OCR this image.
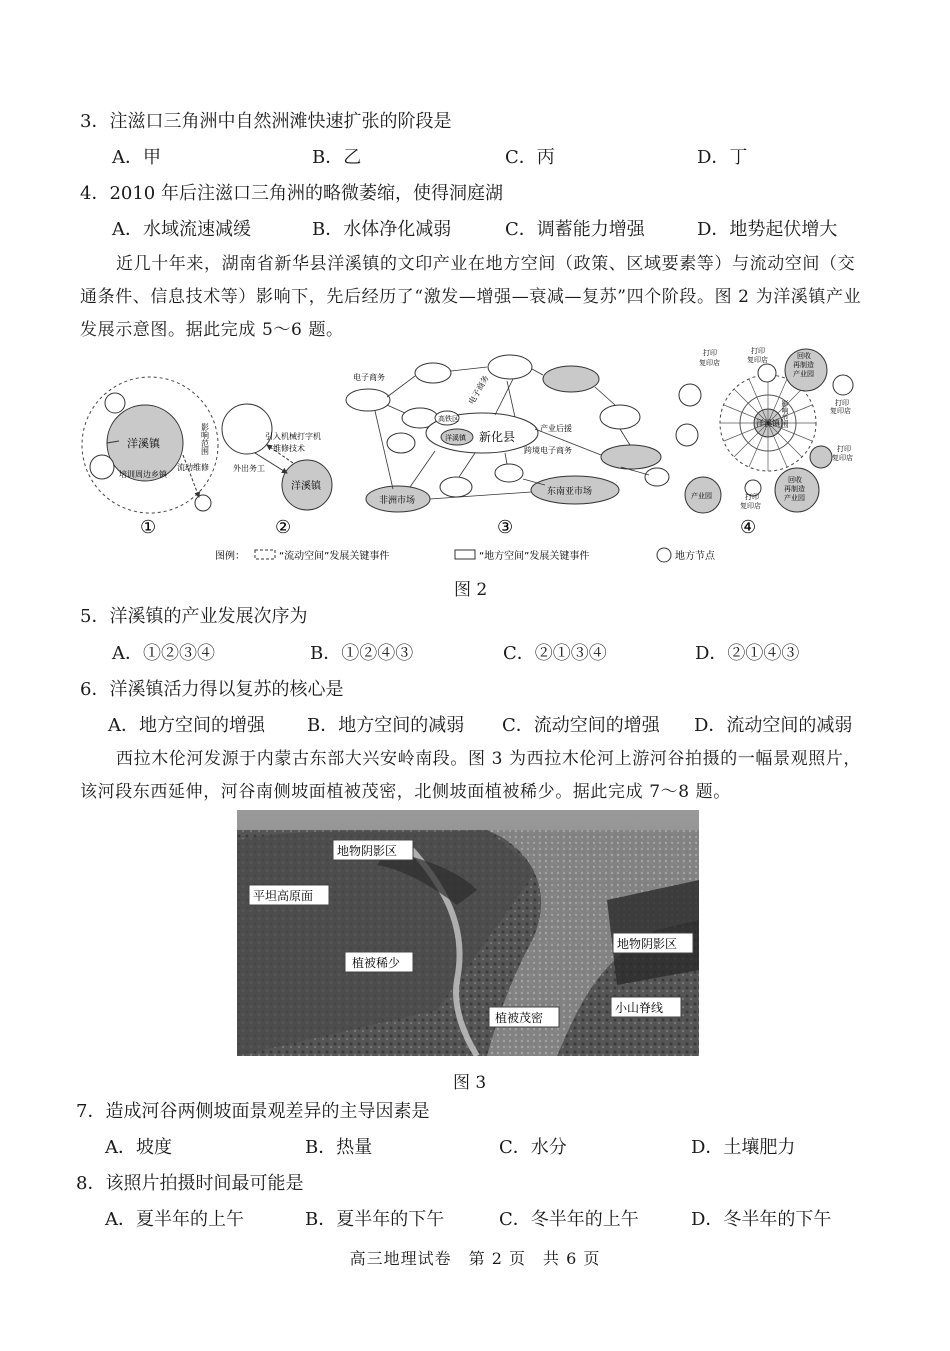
3．注滋口三角洲中自然洲滩快速扩张的阶段是
A．甲	B．乙	C．丙	D．丁
4．2010 年后注滋口三角洲的略微萎缩，使得洞庭湖
A．水域流速减缓	B．水体净化减弱	C．调蓄能力增强	D．地势起伏增大
近几十年来，湖南省新华县洋溪镇的文印产业在地方空间（政策、区域要素等）与流动空间（交通条件、信息技术等）影响下，先后经历了“激发—增强—衰减—复苏”四个阶段。图 2 为洋溪镇产业发展示意图。据此完成 5～6 题。
洋溪镇	影响范围
流动维修
培训周边乡镇
①
洋溪镇
引入机械打字机
维修技术
外出务工
②
电子商务	电子商务
高铁区
洋溪镇 新化县
产业后援
跨境电子商务
非洲市场
东南亚市场
③
打印
复印店
打印
复印店	回收
再制造
产业园
打印
复印店
洋溪镇 影响范围
打印
复印店
回收
再制造
产业园
产业园	打印
复印店
④
图例：	“流动空间”发展关键事件	“地方空间”发展关键事件	地方节点
图 2
5．洋溪镇的产业发展次序为
A．①②③④	B．①②④③	C．②①③④	D．②①④③
6．洋溪镇活力得以复苏的核心是
A．地方空间的增强 B．地方空间的减弱 C．流动空间的增强 D．流动空间的减弱
西拉木伦河发源于内蒙古东部大兴安岭南段。图 3 为西拉木伦河上游河谷拍摄的一幅景观照片，该河段东西延伸，河谷南侧坡面植被茂密，北侧坡面植被稀少。据此完成 7～8 题。
地物阴影区
平坦高原面
植被稀少
地物阴影区
小山脊线
植被茂密
图 3
7．造成河谷两侧坡面景观差异的主导因素是
A．坡度	B．热量	C．水分	D．土壤肥力
8．该照片拍摄时间最可能是
A．夏半年的上午	B．夏半年的下午	C．冬半年的上午	D．冬半年的下午
高三地理试卷　第 2 页　共 6 页
